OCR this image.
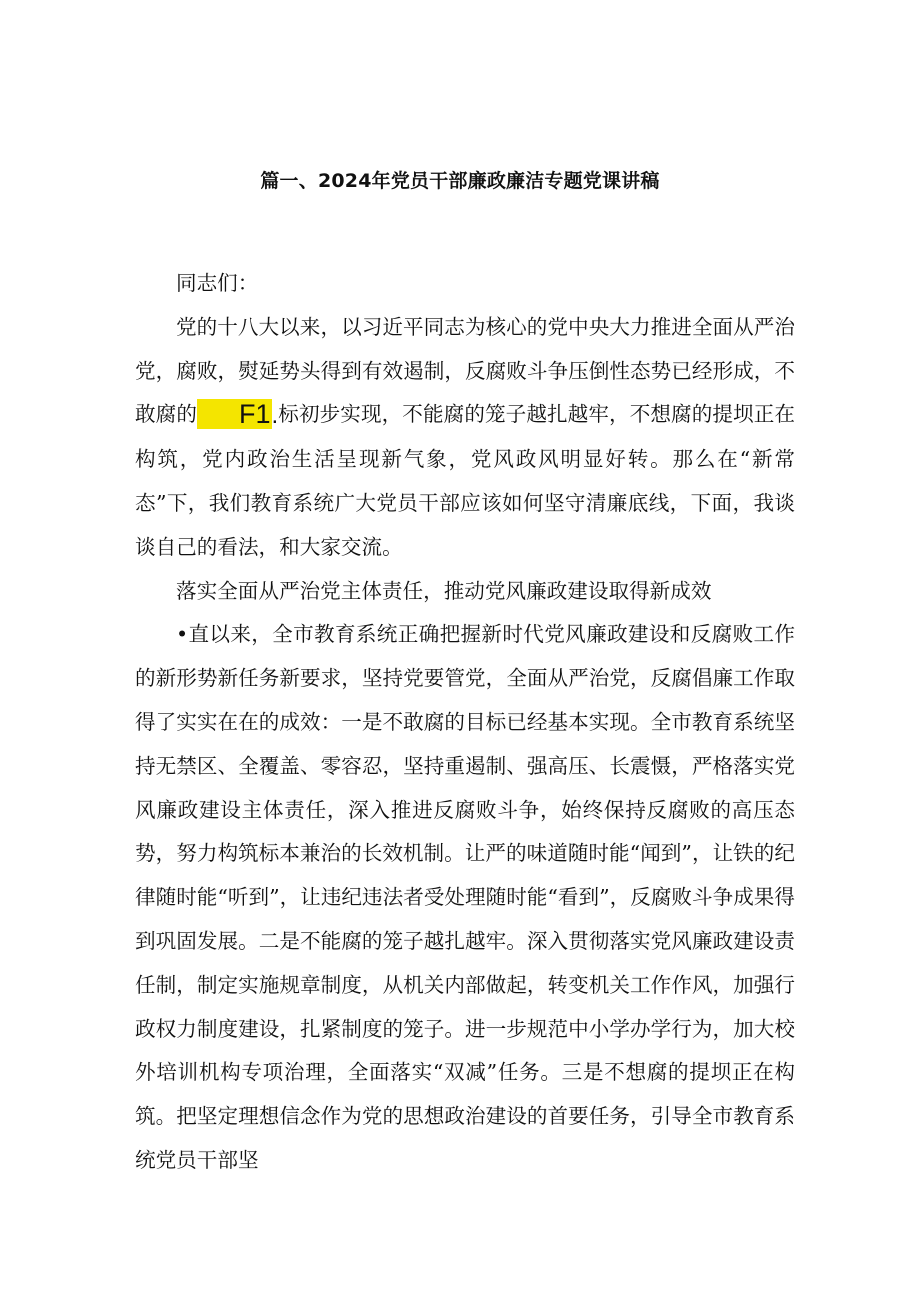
篇一、2024年党员干部廉政廉洁专题党课讲稿

同志们：

党的十八大以来，以习近平同志为核心的党中央大力推进全面从严治党，腐败，熨延势头得到有效遏制，反腐败斗争压倒性态势已经形成，不敢腐的 F1.标初步实现，不能腐的笼子越扎越牢，不想腐的提坝正在构筑，党内政治生活呈现新气象，党风政风明显好转。那么在“新常态”下，我们教育系统广大党员干部应该如何坚守清廉底线，下面，我谈谈自己的看法，和大家交流。

落实全面从严治党主体责任，推动党风廉政建设取得新成效

•直以来，全市教育系统正确把握新时代党风廉政建设和反腐败工作的新形势新任务新要求，坚持党要管党，全面从严治党，反腐倡廉工作取得了实实在在的成效：一是不敢腐的目标已经基本实现。全市教育系统坚持无禁区、全覆盖、零容忍，坚持重遏制、强高压、长震慑，严格落实党风廉政建设主体责任，深入推进反腐败斗争，始终保持反腐败的高压态势，努力构筑标本兼治的长效机制。让严的味道随时能“闻到”，让铁的纪律随时能“听到”，让违纪违法者受处理随时能“看到”，反腐败斗争成果得到巩固发展。二是不能腐的笼子越扎越牢。深入贯彻落实党风廉政建设责任制，制定实施规章制度，从机关内部做起，转变机关工作作风，加强行政权力制度建设，扎紧制度的笼子。进一步规范中小学办学行为，加大校外培训机构专项治理，全面落实“双减”任务。三是不想腐的提坝正在构筑。把坚定理想信念作为党的思想政治建设的首要任务，引导全市教育系统党员干部坚
